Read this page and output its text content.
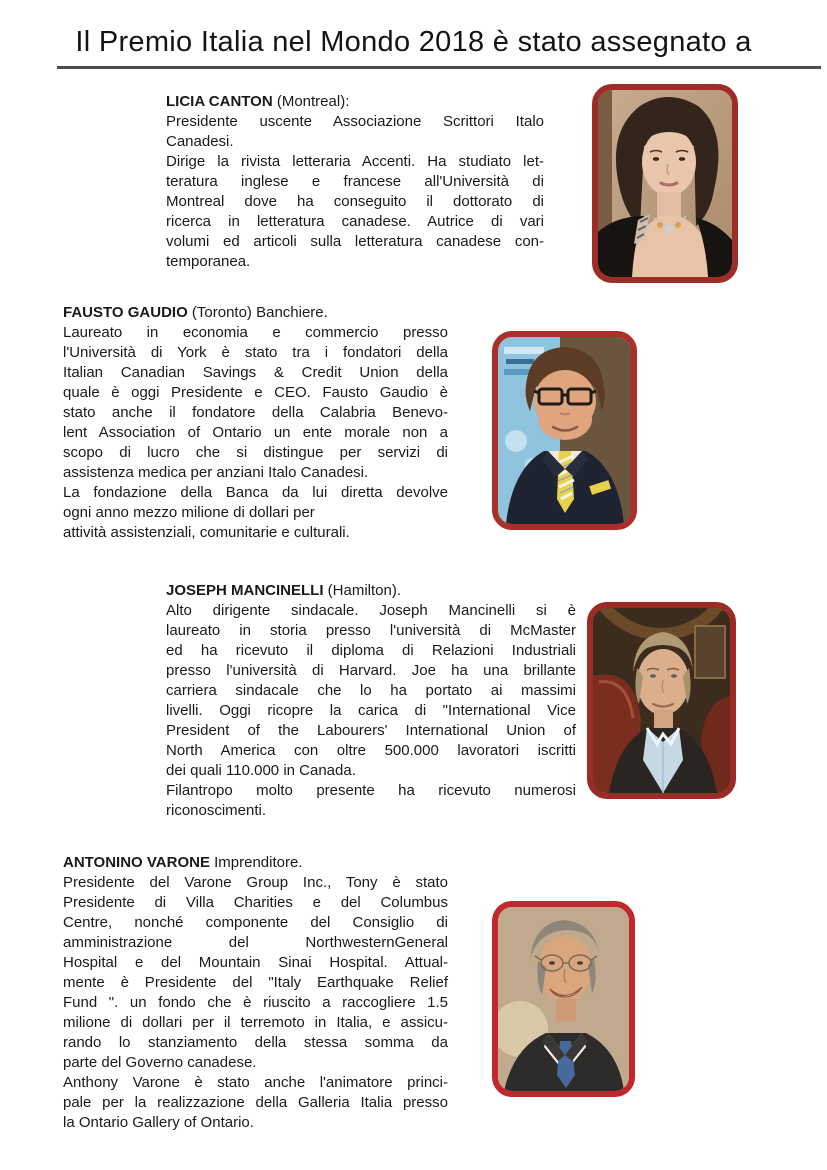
Il Premio Italia nel Mondo 2018 è stato assegnato a
LICIA CANTON (Montreal):
Presidente uscente Associazione Scrittori Italo
Canadesi.
Dirige la rivista letteraria Accenti. Ha studiato let-
teratura inglese e francese all'Università di
Montreal dove ha conseguito il dottorato di
ricerca in letteratura canadese. Autrice di vari
volumi ed articoli sulla letteratura canadese con-
temporanea.
FAUSTO GAUDIO (Toronto) Banchiere.
Laureato in economia e commercio presso
l'Università di York è stato tra i fondatori della
Italian Canadian Savings & Credit Union della
quale è oggi Presidente e CEO. Fausto Gaudio è
stato anche il fondatore della Calabria Benevo-
lent Association of Ontario un ente morale non a
scopo di lucro che si distingue per servizi di
assistenza medica per anziani Italo Canadesi.
La fondazione della Banca da lui diretta devolve
ogni anno mezzo milione di dollari per
attività assistenziali, comunitarie e culturali.
JOSEPH MANCINELLI (Hamilton).
Alto dirigente sindacale. Joseph Mancinelli si è
laureato in storia presso l'università di McMaster
ed ha ricevuto il diploma di Relazioni Industriali
presso l'università di Harvard. Joe ha una brillante
carriera sindacale che lo ha portato ai massimi
livelli. Oggi ricopre la carica di "International Vice
President of the Labourers' International Union of
North America con oltre 500.000 lavoratori iscritti
dei quali 110.000 in Canada.
Filantropo molto presente ha ricevuto numerosi
riconoscimenti.
ANTONINO VARONE Imprenditore.
Presidente del Varone Group Inc., Tony è stato
Presidente di Villa Charities e del Columbus
Centre, nonché componente del Consiglio di
amministrazione del NorthwesternGeneral
Hospital e del Mountain Sinai Hospital. Attual-
mente è Presidente del "Italy Earthquake Relief
Fund ". un fondo che è riuscito a raccogliere 1.5
milione di dollari per il terremoto in Italia, e assicu-
rando lo stanziamento della stessa somma da
parte del Governo canadese.
Anthony Varone è stato anche l'animatore princi-
pale per la realizzazione della Galleria Italia presso
la Ontario Gallery of Ontario.
